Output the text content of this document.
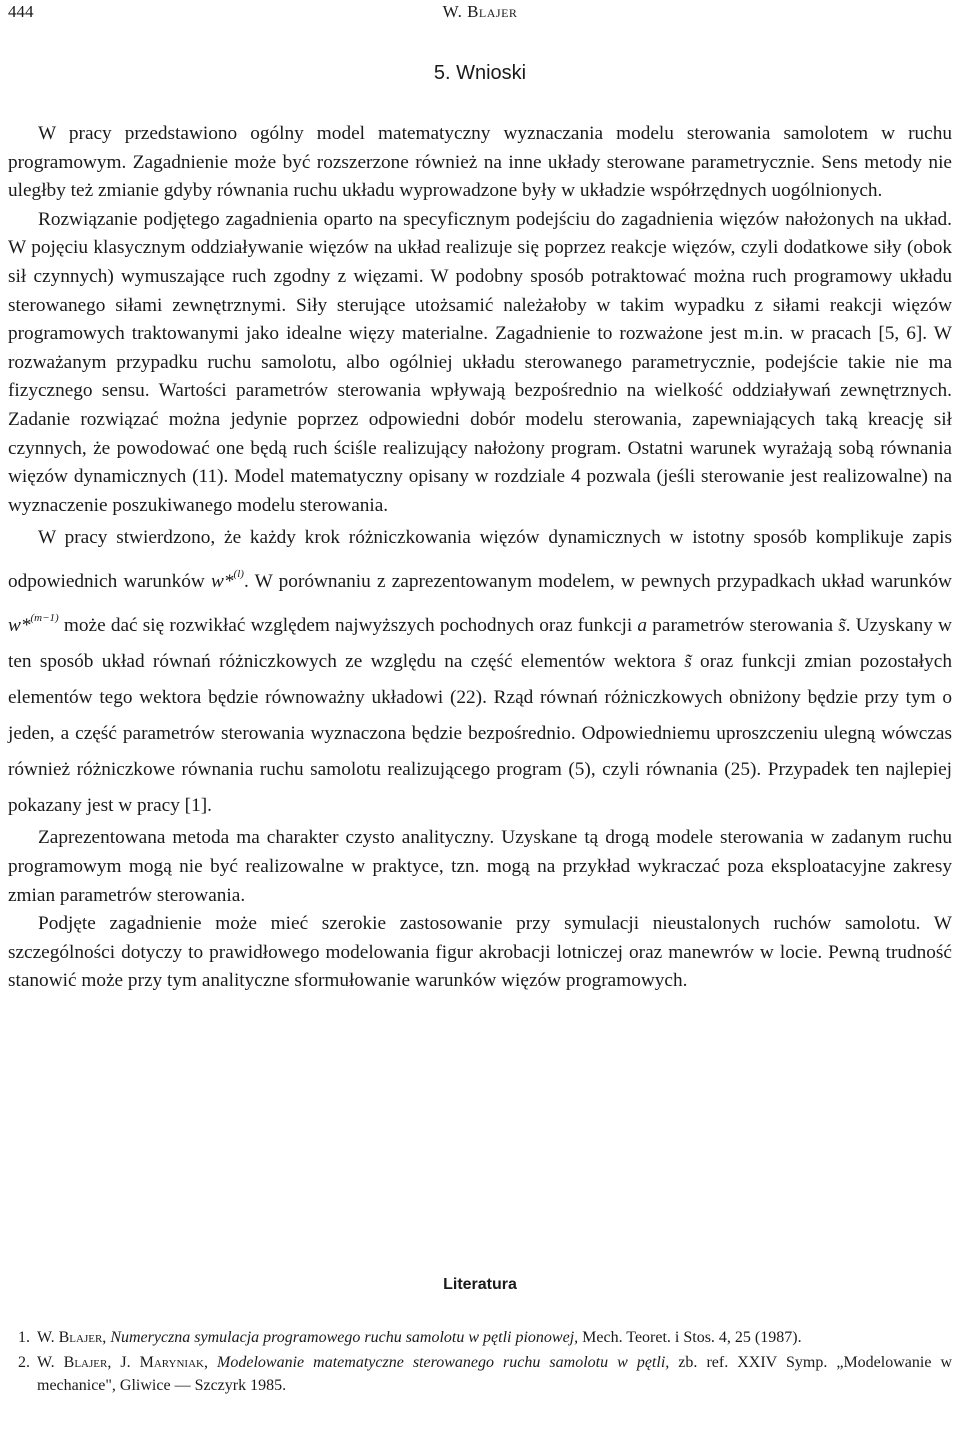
444	W. Blajer
5. Wnioski

W pracy przedstawiono ogólny model matematyczny wyznaczania modelu sterowania samolotem w ruchu programowym. Zagadnienie może być rozszerzone również na inne układy sterowane parametrycznie. Sens metody nie uległby też zmianie gdyby równania ruchu układu wyprowadzone były w układzie współrzędnych uogólnionych.

Rozwiązanie podjętego zagadnienia oparto na specyficznym podejściu do zagadnienia więzów nałożonych na układ. W pojęciu klasycznym oddziaływanie więzów na układ realizuje się poprzez reakcje więzów, czyli dodatkowe siły (obok sił czynnych) wymuszające ruch zgodny z więzami. W podobny sposób potraktować można ruch programowy układu sterowanego siłami zewnętrznymi. Siły sterujące utożsamić należałoby w takim wypadku z siłami reakcji więzów programowych traktowanymi jako idealne więzy materialne. Zagadnienie to rozważone jest m.in. w pracach [5, 6]. W rozważanym przypadku ruchu samolotu, albo ogólniej układu sterowanego parametrycznie, podejście takie nie ma fizycznego sensu. Wartości parametrów sterowania wpływają bezpośrednio na wielkość oddziaływań zewnętrznych. Zadanie rozwiązać można jedynie poprzez odpowiedni dobór modelu sterowania, zapewniających taką kreację sił czynnych, że powodować one będą ruch ściśle realizujący nałożony program. Ostatni warunek wyrażają sobą równania więzów dynamicznych (11). Model matematyczny opisany w rozdziale 4 pozwala (jeśli sterowanie jest realizowalne) na wyznaczenie poszukiwanego modelu sterowania.

W pracy stwierdzono, że każdy krok różniczkowania więzów dynamicznych w istotny sposób komplikuje zapis odpowiednich warunków w*$^{(l)}$. W porównaniu z zaprezentowanym modelem, w pewnych przypadkach układ warunków w*$^{(m-1)}$ może dać się rozwikłać względem najwyższych pochodnych oraz funkcji a parametrów sterowania s̃. Uzyskany w ten sposób układ równań różniczkowych ze względu na część elementów wektora s̃ oraz funkcji zmian pozostałych elementów tego wektora będzie równoważny układowi (22). Rząd równań różniczkowych obniżony będzie przy tym o jeden, a część parametrów sterowania wyznaczona będzie bezpośrednio. Odpowiedniemu uproszczeniu ulegną wówczas również różniczkowe równania ruchu samolotu realizującego program (5), czyli równania (25). Przypadek ten najlepiej pokazany jest w pracy [1].

Zaprezentowana metoda ma charakter czysto analityczny. Uzyskane tą drogą modele sterowania w zadanym ruchu programowym mogą nie być realizowalne w praktyce, tzn. mogą na przykład wykraczać poza eksploatacyjne zakresy zmian parametrów sterowania.

Podjęte zagadnienie może mieć szerokie zastosowanie przy symulacji nieustalonych ruchów samolotu. W szczególności dotyczy to prawidłowego modelowania figur akrobacji lotniczej oraz manewrów w locie. Pewną trudność stanowić może przy tym analityczne sformułowanie warunków więzów programowych.

Literatura
1. W. Blajer, Numeryczna symulacja programowego ruchu samolotu w pętli pionowej, Mech. Teoret. i Stos. 4, 25 (1987).
2. W. Blajer, J. Maryniak, Modelowanie matematyczne sterowanego ruchu samolotu w pętli, zb. ref. XXIV Symp. „Modelowanie w mechanice", Gliwice — Szczyrk 1985.
